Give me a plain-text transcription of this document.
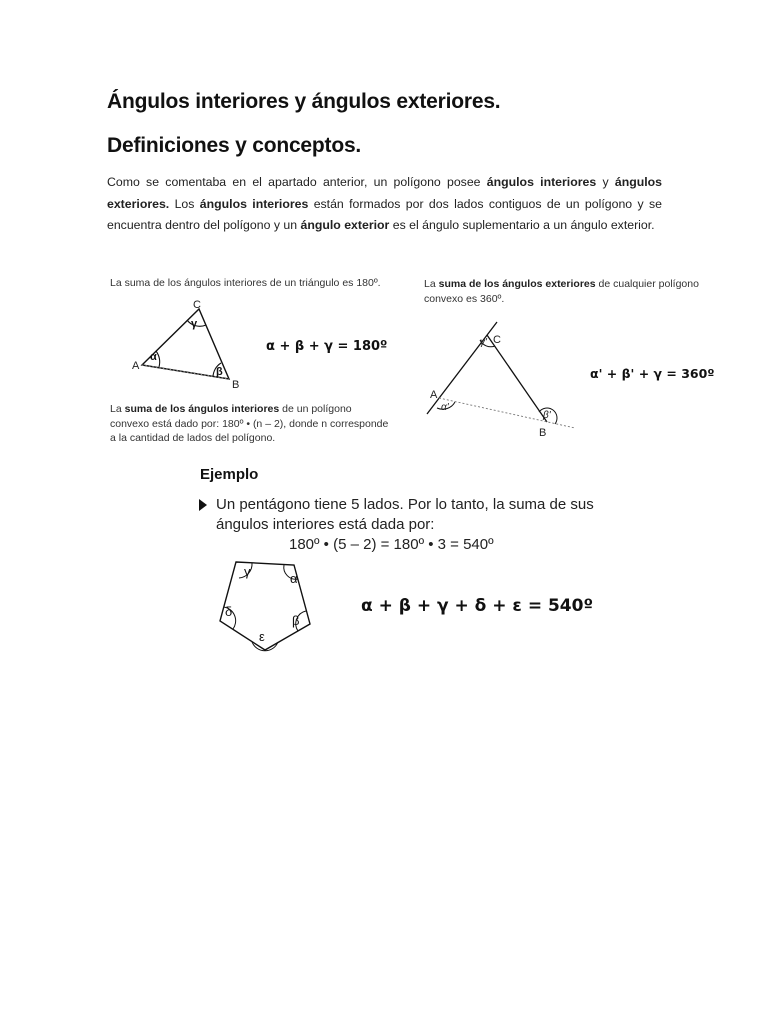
Ángulos interiores y ángulos exteriores.
Definiciones y conceptos.
Como se comentaba en el apartado anterior, un polígono posee ángulos interiores y ángulos exteriores. Los ángulos interiores están formados por dos lados contiguos de un polígono y se encuentra dentro del polígono y un ángulo exterior es el ángulo suplementario a un ángulo exterior.
La suma de los ángulos interiores de un triángulo es 180º.
A
B
C
α
β
γ
α + β + γ = 180º
La suma de los ángulos interiores de un polígono convexo está dado por: 180º • (n – 2), donde n corresponde a la cantidad de lados del polígono.
La suma de los ángulos exteriores de cualquier polígono convexo es 360º.
A
B
C
α'
β'
γ'
α' + β' + γ = 360º
Ejemplo
Un pentágono tiene 5 lados. Por lo tanto, la suma de sus
ángulos interiores está dada por:
180º • (5 – 2) = 180º • 3 = 540º
γ	α
β
ε
δ	α + β + γ + δ + ε = 540º
